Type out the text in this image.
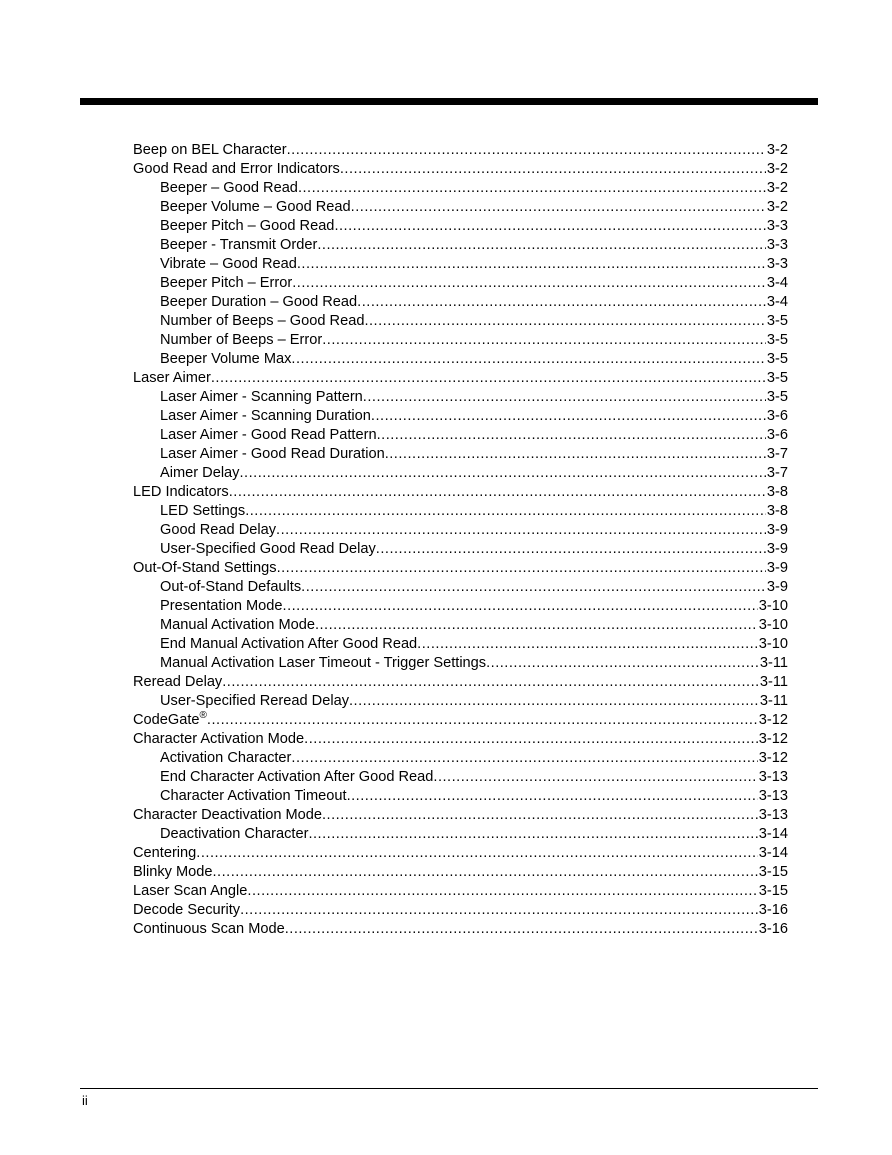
Beep on BEL Character .....	3-2
Good Read and Error Indicators .....	3-2
Beeper – Good Read .....	3-2
Beeper Volume – Good Read .....	3-2
Beeper Pitch – Good Read .....	3-3
Beeper - Transmit Order .....	3-3
Vibrate – Good Read .....	3-3
Beeper Pitch – Error .....	3-4
Beeper Duration – Good Read .....	3-4
Number of Beeps – Good Read .....	3-5
Number of Beeps – Error .....	3-5
Beeper Volume Max .....	3-5
Laser Aimer .....	3-5
Laser Aimer - Scanning Pattern .....	3-5
Laser Aimer - Scanning Duration .....	3-6
Laser Aimer - Good Read Pattern .....	3-6
Laser Aimer - Good Read Duration .....	3-7
Aimer Delay .....	3-7
LED Indicators .....	3-8
LED Settings .....	3-8
Good Read Delay .....	3-9
User-Specified Good Read Delay .....	3-9
Out-Of-Stand Settings .....	3-9
Out-of-Stand Defaults .....	3-9
Presentation Mode .....	3-10
Manual Activation Mode .....	3-10
End Manual Activation After Good Read .....	3-10
Manual Activation Laser Timeout - Trigger Settings .....	3-11
Reread Delay .....	3-11
User-Specified Reread Delay .....	3-11
CodeGate® .....	3-12
Character Activation Mode .....	3-12
Activation Character .....	3-12
End Character Activation After Good Read .....	3-13
Character Activation Timeout .....	3-13
Character Deactivation Mode .....	3-13
Deactivation Character .....	3-14
Centering .....	3-14
Blinky Mode .....	3-15
Laser Scan Angle .....	3-15
Decode Security .....	3-16
Continuous Scan Mode .....	3-16
ii
